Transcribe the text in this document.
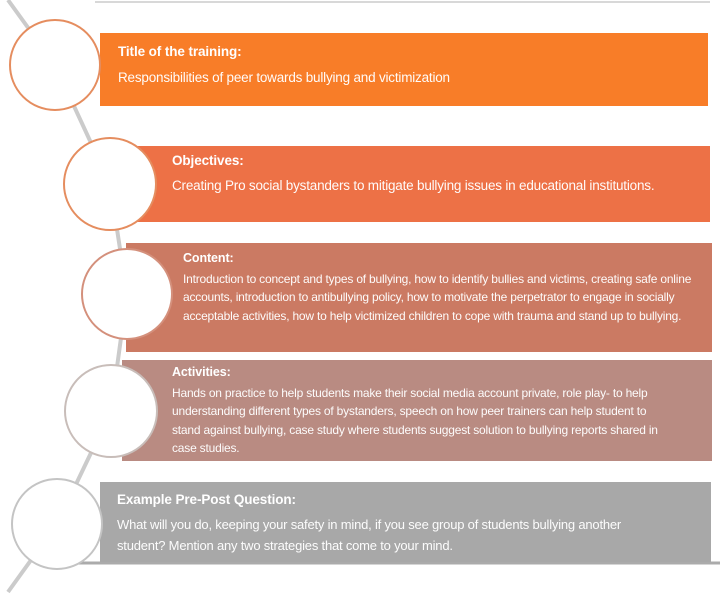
Title of the training:
Responsibilities of peer towards bullying and victimization
Objectives:
Creating Pro social bystanders to mitigate bullying issues in educational institutions.
Content:
Introduction to concept and types of bullying, how to identify bullies and victims, creating safe online accounts, introduction to antibullying policy, how to motivate the perpetrator to engage in socially acceptable activities, how to help victimized children to cope with trauma and stand up to bullying.
Activities:
Hands on practice to help students make their social media account private, role play- to help understanding different types of bystanders, speech on how peer trainers can help student to stand against bullying, case study where students suggest solution to bullying reports shared in case studies.
Example Pre-Post Question:
What will you do, keeping your safety in mind, if you see group of students bullying another student? Mention any two strategies that come to your mind.
